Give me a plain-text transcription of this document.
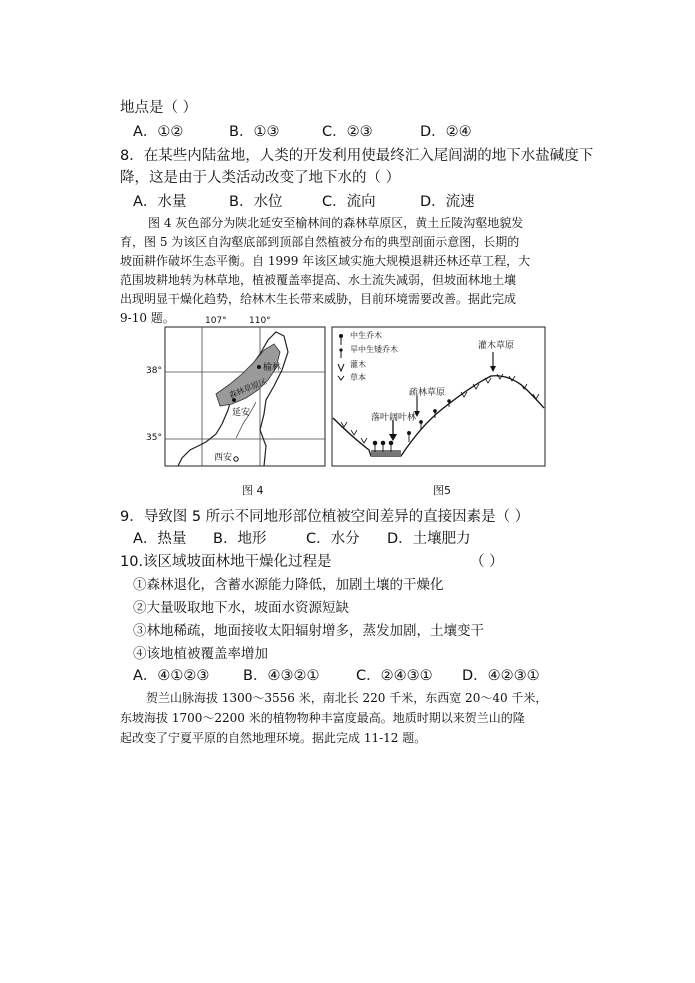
地点是（ ）
A．①②	B．①③	C．②③	D．②④
8．在某些内陆盆地，人类的开发利用使最终汇入尾闾湖的地下水盐碱度下
降，这是由于人类活动改变了地下水的（ ）
A．水量	B．水位	C．流向	D．流速
图 4 灰色部分为陕北延安至榆林间的森林草原区，黄土丘陵沟壑地貌发
育，图 5 为该区自沟壑底部到顶部自然植被分布的典型剖面示意图，长期的
坡面耕作破坏生态平衡。自 1999 年该区域实施大规模退耕还林还草工程，大
范围坡耕地转为林草地，植被覆盖率提高、水土流失减弱，但坡面林地土壤
出现明显干燥化趋势，给林木生长带来威胁，目前环境需要改善。据此完成
9-10 题。	107° 110°
38°
35°
榆林
延安
西安
森林草原区
图 4
中生乔木
旱中生矮乔木
灌木
草本
灌木草原
疏林草原
落叶阔叶林
图5
9．导致图 5 所示不同地形部位植被空间差异的直接因素是（ ）
A．热量 B．地形	C．水分 D．土壤肥力
10.该区域坡面林地干燥化过程是	（ ）
①森林退化，含蓄水源能力降低，加剧土壤的干燥化
②大量吸取地下水，坡面水资源短缺
③林地稀疏，地面接收太阳辐射增多，蒸发加剧，土壤变干
④该地植被覆盖率增加
A．④①②③ B．④③②①	C．②④③① D．④②③①
贺兰山脉海拔 1300～3556 米，南北长 220 千米，东西宽 20～40 千米，
东坡海拔 1700～2200 米的植物物种丰富度最高。地质时期以来贺兰山的隆
起改变了宁夏平原的自然地理环境。据此完成 11-12 题。
